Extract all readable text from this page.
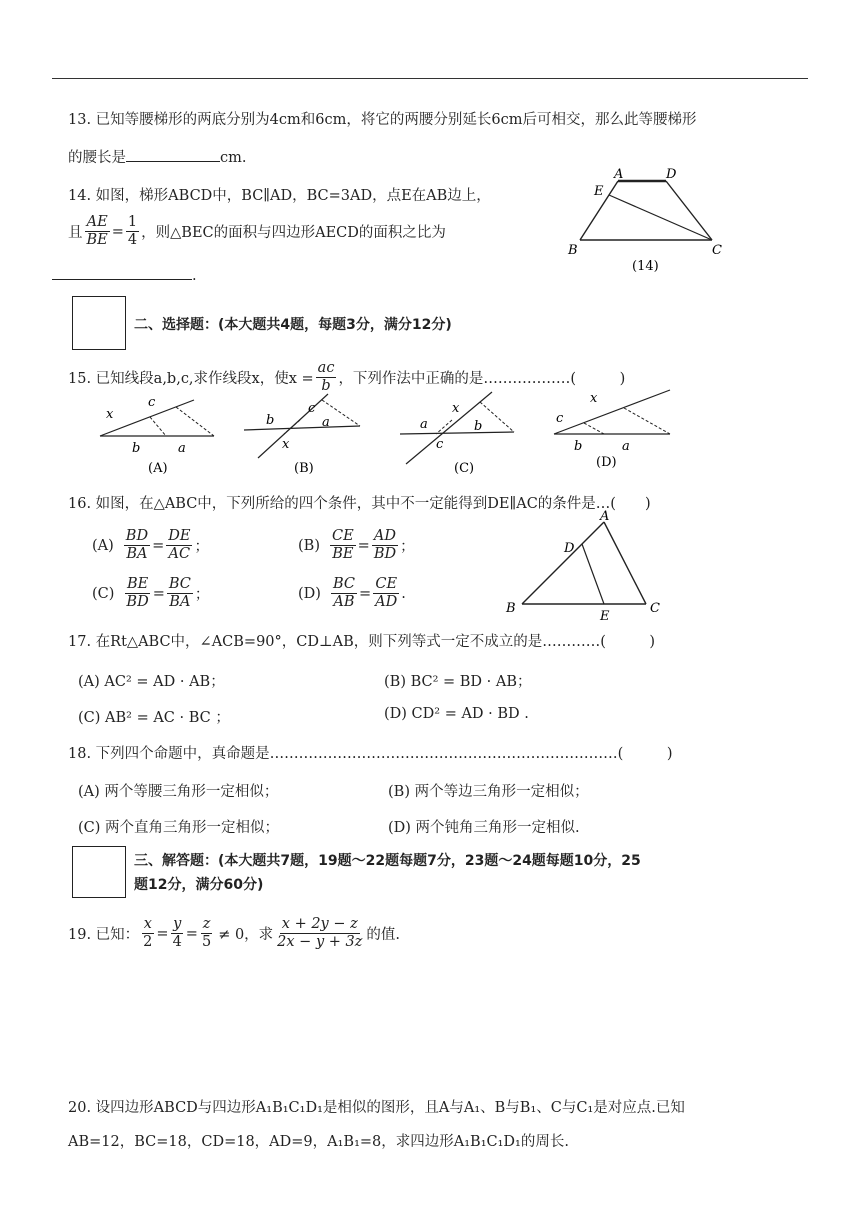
13. 已知等腰梯形的两底分别为4cm和6cm，将它的两腰分别延长6cm后可相交，那么此等腰梯形
的腰长是	cm.
14. 如图，梯形ABCD中，BC∥AD，BC=3AD，点E在AB边上，
且 $\frac{AE}{BE} = \frac{1}{4}$ ，则△BEC的面积与四边形AECD的面积之比为
.
A	D
E
B	C
(14)
二、选择题：(本大题共4题，每题3分，满分12分)
15. 已知线段a,b,c,求作线段x，使$x = \frac{ac}{b}$ ，下列作法中正确的是………………(　　　)
x
c
b	a
(A)
b
c
a
x
(B)
a
x
b
c
(C)
c
x
b	a
(D)
16. 如图，在△ABC中，下列所给的四个条件，其中不一定能得到DE∥AC的条件是…(　　)
$(A) \frac{BD}{BA} = \frac{DE}{AC}$ ；	$(B) \frac{CE}{BE} = \frac{AD}{BD}$ ；
$(C) \frac{BE}{BD} = \frac{BC}{BA}$ ；	$(D) \frac{BC}{AB} = \frac{CE}{AD}$ .
A
D
B
E
C
17. 在Rt△ABC中，∠ACB=90°，CD⊥AB，则下列等式一定不成立的是…………(　　　)
(A) AC² = AD · AB；	(B) BC² = BD · AB；
(C) AB² = AC · BC ；	(D) CD² = AD · BD .
18. 下列四个命题中，真命题是………………………………………………………………(　　　)
(A) 两个等腰三角形一定相似；	(B) 两个等边三角形一定相似；
(C) 两个直角三角形一定相似；	(D) 两个钝角三角形一定相似.
三、解答题：(本大题共7题，19题～22题每题7分，23题～24题每题10分，25
题12分，满分60分)
19. 已知： $\frac{x}{2} = \frac{y}{4} = \frac{z}{5} \ne 0$，求 $\frac{x + 2y - z}{2x - y + 3z}$ 的值.
20. 设四边形ABCD与四边形A₁B₁C₁D₁是相似的图形，且A与A₁、B与B₁、C与C₁是对应点.已知
AB=12，BC=18，CD=18，AD=9，A₁B₁=8，求四边形A₁B₁C₁D₁的周长.
